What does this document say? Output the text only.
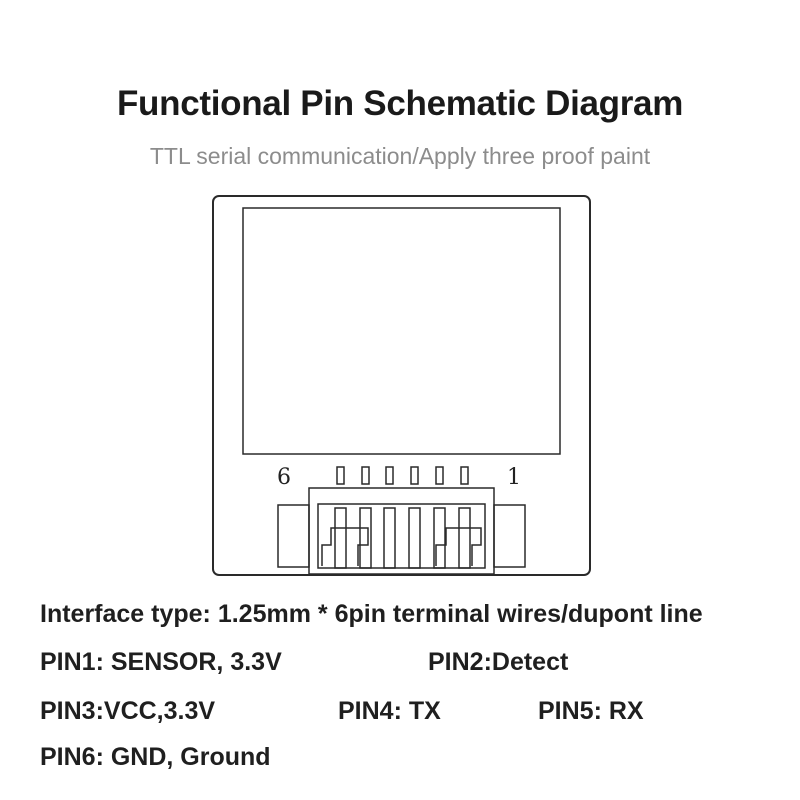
Functional Pin Schematic Diagram
TTL serial communication/Apply three proof paint
6	1
Interface type: 1.25mm * 6pin terminal wires/dupont line
PIN1: SENSOR, 3.3V	PIN2:Detect
PIN3:VCC,3.3V	PIN4: TX	PIN5: RX
PIN6: GND, Ground
